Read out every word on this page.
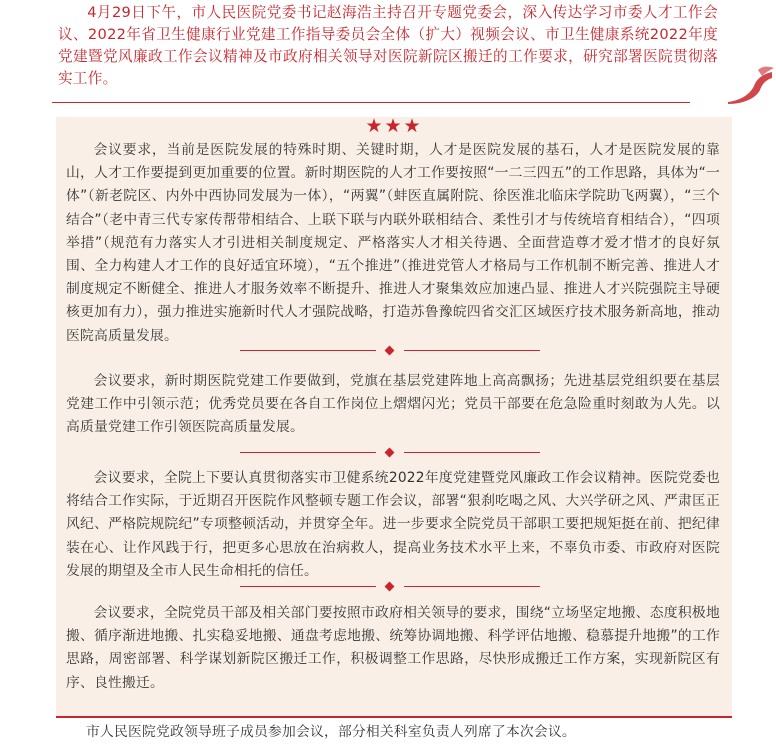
4月29日下午，市人民医院党委书记赵海浩主持召开专题党委会，深入传达学习市委人才工作会议、2022年省卫生健康行业党建工作指导委员会全体（扩大）视频会议、市卫生健康系统2022年度党建暨党风廉政工作会议精神及市政府相关领导对医院新院区搬迁的工作要求，研究部署医院贯彻落实工作。

★★★

会议要求，当前是医院发展的特殊时期、关键时期，人才是医院发展的基石，人才是医院发展的靠山，人才工作要提到更加重要的位置。新时期医院的人才工作要按照“一二三四五”的工作思路，具体为“一体”（新老院区、内外中西协同发展为一体），“两翼”（蚌医直属附院、徐医淮北临床学院助飞两翼），“三个结合”（老中青三代专家传帮带相结合、上联下联与内联外联相结合、柔性引才与传统培育相结合），“四项举措”（规范有力落实人才引进相关制度规定、严格落实人才相关待遇、全面营造尊才爱才惜才的良好氛围、全力构建人才工作的良好适宜环境），“五个推进”（推进党管人才格局与工作机制不断完善、推进人才制度规定不断健全、推进人才服务效率不断提升、推进人才聚集效应加速凸显、推进人才兴院强院主导硬核更加有力），强力推进实施新时代人才强院战略，打造苏鲁豫皖四省交汇区域医疗技术服务新高地，推动医院高质量发展。

会议要求，新时期医院党建工作要做到，党旗在基层党建阵地上高高飘扬；先进基层党组织要在基层党建工作中引领示范；优秀党员要在各自工作岗位上熠熠闪光；党员干部要在危急险重时刻敢为人先。以高质量党建工作引领医院高质量发展。

会议要求，全院上下要认真贯彻落实市卫健系统2022年度党建暨党风廉政工作会议精神。医院党委也将结合工作实际，于近期召开医院作风整顿专题工作会议，部署“狠刹吃喝之风、大兴学研之风、严肃匡正风纪、严格院规院纪”专项整顿活动，并贯穿全年。进一步要求全院党员干部职工要把规矩挺在前、把纪律装在心、让作风践于行，把更多心思放在治病救人，提高业务技术水平上来，不辜负市委、市政府对医院发展的期望及全市人民生命相托的信任。

会议要求，全院党员干部及相关部门要按照市政府相关领导的要求，围绕“立场坚定地搬、态度积极地搬、循序渐进地搬、扎实稳妥地搬、通盘考虑地搬、统筹协调地搬、科学评估地搬、稳慕提升地搬”的工作思路，周密部署、科学谋划新院区搬迁工作，积极调整工作思路，尽快形成搬迁工作方案，实现新院区有序、良性搬迁。

市人民医院党政领导班子成员参加会议，部分相关科室负责人列席了本次会议。
